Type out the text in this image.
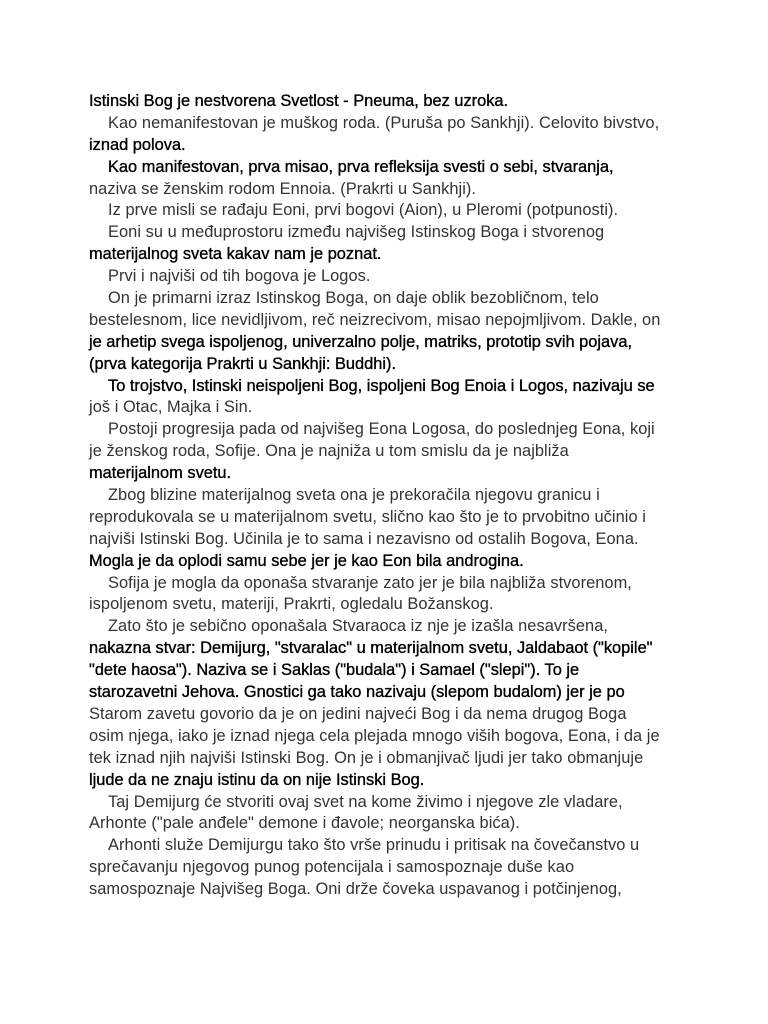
Istinski Bog je nestvorena Svetlost - Pneuma, bez uzroka.
Kao nemanifestovan je muškog roda. (Puruša po Sankhji). Celovito bivstvo,
iznad polova.
Kao manifestovan, prva misao, prva refleksija svesti o sebi, stvaranja,
naziva se ženskim rodom Ennoia. (Prakrti u Sankhji).
Iz prve misli se rađaju Eoni, prvi bogovi (Aion), u Pleromi (potpunosti).
Eoni su u međuprostoru između najvišeg Istinskog Boga i stvorenog
materijalnog sveta kakav nam je poznat.
Prvi i najviši od tih bogova je Logos.
On je primarni izraz Istinskog Boga, on daje oblik bezobličnom, telo
bestelesnom, lice nevidljivom, reč neizrecivom, misao nepojmljivom. Dakle, on
je arhetip svega ispoljenog, univerzalno polje, matriks, prototip svih pojava,
(prva kategorija Prakrti u Sankhji: Buddhi).
To trojstvo, Istinski neispoljeni Bog, ispoljeni Bog Enoia i Logos, nazivaju se
još i Otac, Majka i Sin.
Postoji progresija pada od najvišeg Eona Logosa, do poslednjeg Eona, koji
je ženskog roda, Sofije. Ona je najniža u tom smislu da je najbliža
materijalnom svetu.
Zbog blizine materijalnog sveta ona je prekoračila njegovu granicu i
reprodukovala se u materijalnom svetu, slično kao što je to prvobitno učinio i
najviši Istinski Bog. Učinila je to sama i nezavisno od ostalih Bogova, Eona.
Mogla je da oplodi samu sebe jer je kao Eon bila androgina.
Sofija je mogla da oponaša stvaranje zato jer je bila najbliža stvorenom,
ispoljenom svetu, materiji, Prakrti, ogledalu Božanskog.
Zato što je sebično oponašala Stvaraoca iz nje je izašla nesavršena,
nakazna stvar: Demijurg, "stvaralac" u materijalnom svetu, Jaldabaot ("kopile"
"dete haosa"). Naziva se i Saklas ("budala") i Samael ("slepi"). To je
starozavetni Jehova. Gnostici ga tako nazivaju (slepom budalom) jer je po
Starom zavetu govorio da je on jedini najveći Bog i da nema drugog Boga
osim njega, iako je iznad njega cela plejada mnogo viših bogova, Eona, i da je
tek iznad njih najviši Istinski Bog. On je i obmanjivač ljudi jer tako obmanjuje
ljude da ne znaju istinu da on nije Istinski Bog.
Taj Demijurg će stvoriti ovaj svet na kome živimo i njegove zle vladare,
Arhonte ("pale anđele" demone i đavole; neorganska bića).
Arhonti služe Demijurgu tako što vrše prinudu i pritisak na čovečanstvo u
sprečavanju njegovog punog potencijala i samospoznaje duše kao
samospoznaje Najvišeg Boga. Oni drže čoveka uspavanog i potčinjenog,
